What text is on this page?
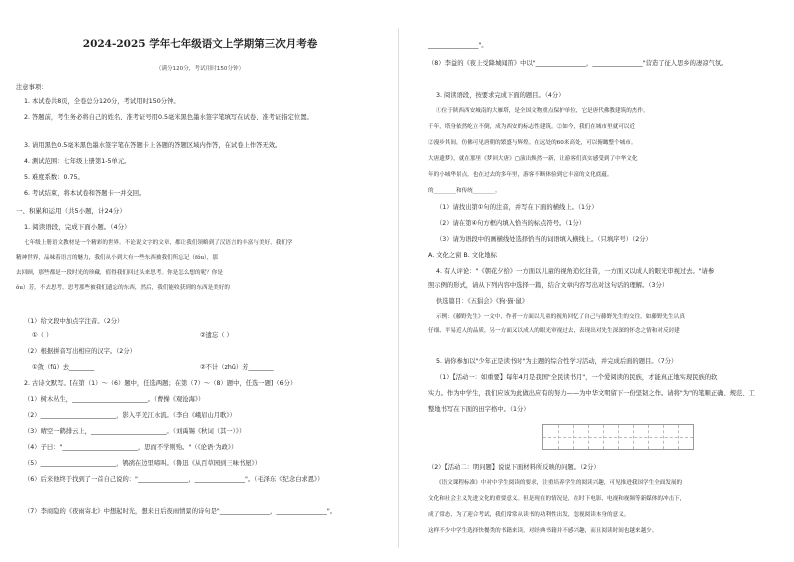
2024-2025 学年七年级语文上学期第三次月考卷
（满分120分，考试用时150分钟）
注意事项：
1. 本试卷共8页，全卷总分120分，考试用时150分钟。
2. 答题前，考生务必将自己的姓名、准考证号用0.5毫米黑色墨水签字笔填写在试卷、准考证指定位置。
3. 请用黑色0.5毫米黑色墨水签字笔在答题卡上各题的答题区域内作答，在试卷上作答无效。
4. 测试范围：七年级上册第1-5单元。
5. 难度系数：0.75。
6. 考试结束，将本试卷和答题卡一并交回。
一、积累和运用（共5小题，计24分）
1. 阅读语段，完成下面小题。（4分）
七年级上册语文教材是一个精彩的世界。不论说文字的文章，都让我们领略到了汉语言的丰富与美好，我们学
精神世界，品味着语言的魅力，我们从小到大有一些东西被我们所忘记（fǒu），那
去回顾，那些都是一段时光的珍藏，值得我们回过头来思考。你是怎么想的呢？你是
ǒu）芳，不去思考，思考那些被我们遗忘的东西，然后，我们能收获到的东西是美好的
（1）给文段中加点字注音。（2分）
①（ ）	②遗忘（ ）
（2）根据拼音写出相应的汉字。（2分）
①敛（fū）去________	②不计（zhǔ）芳________
2. 古诗文默写。[在第（1）～（6）题中，任选两题；在第（7）～（8）题中，任选一题]（6分）
（1）树木丛生，________________________。（曹操《观沧海》）
（2）________________________，影入平羌江水流。（李白《峨眉山月歌》）
（3）晴空一鹤排云上，________________________。（刘禹锡《秋词（其一）》）
（4）子曰："________________________，思而不学则殆。"（《论语·为政》）
（5）________________________，鸲鹆在边里啼叫。（鲁迅《从百草园到三味书屋》）
（6）后来他终于找到了一首自己说的："________________，________________"。（毛泽东《纪念白求恩》）
（7）李商隐的《夜雨寄北》中想起时光，想来日后夜雨情景的诗句是"________________，________________"。
________________"。
（8）李益的《夜上受降城闻笛》中以"________________，________________"营造了征人思乡的凄凉气氛。
3. 阅读语段，按要求完成下面的题目。（4分）
①位于陕西西安城南的大雁塔，是全国文物重点保护单位，它是唐代佛教建筑的杰作。
千年，塔身依然屹立不倒，成为西安的标志性建筑。②如今，我们在城市里就可以近
②漫步其间，仿佛可见唐朝的繁盛与辉煌。在远处的60米高处，可以俯瞰整个城市。
大唐遗梦》，就在那里《梦回大唐》▢演出焕然一新，让游客们真实感受到了中华文化
年的小城华景点，也在过去的多年里，游客不断体验到它丰富的文化底蕴。
的________和传统________。
（1）请找出第①句的注音，并写在下面的横线上。（1分）
（2）请在第④句方框内填入恰当的标点符号。（1分）
（3）请为语段中的画横线处选择恰当的词语填入横线上。（只填序号）（2分）
A. 文化之窗 B. 文化地标
4. 有人评论："《朝花夕拾》一方面以儿童的视角追忆往昔，一方面又以成人的眼光审视过去。"请参
照示例的形式，请从下列内容中选择一篇，结合文章内容写出对这句话的理解。（3分）
供选篇目：《五猖会》《狗·猫·鼠》
示例：《藤野先生》一文中，作者一方面以儿童的视角回忆了自己与藤野先生的交往，如藤野先生认真
仔细、平易近人的品质，另一方面又以成人的眼光审视过去，表现出对先生深深的怀念之情和对反封建
5. 请你参加以"少年正是读书时"为主题的综合性学习活动，并完成后面的题目。（7分）
（1）【活动一：如重要】每年4月是我国"全民读书月"，一个爱阅读的民族，才能真正地实现民族的软
实力。作为中学生，我们应该为此做出应有的努力——为中华文明留下一份坚韧之作。请将"为"的笔顺正确、规范、工
整地书写在下面的田字格中。（1分）
（2）【活动二：明问题】说说下面材料所反映的问题。（2分）
《语文课程标准》中对中学生阅读的要求，注重培养学生的阅读兴趣，可见推进我国学生全面发展的
文化和社会主义先进文化的重要意义。但是现在的情况是，在时下电影、电视和视频等新媒体的冲击下，
成了常态，为了迎合考试，我们常常从读书的功利性出发，忽视阅读本身的意义。
这样不少中学生选择快餐类的书籍来读，对经典书籍并不感兴趣，而且阅读时间也越来越少。
